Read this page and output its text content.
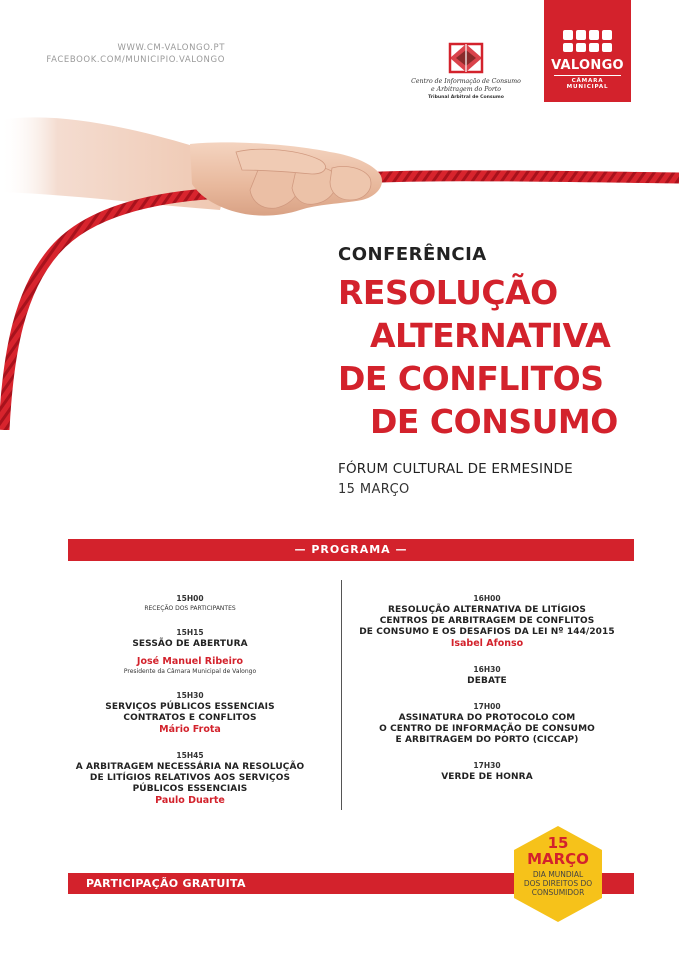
WWW.CM-VALONGO.PT
FACEBOOK.COM/MUNICIPIO.VALONGO
Centro de Informação de Consumo
e Arbitragem do Porto
Tribunal Arbitral de Consumo
VALONGO
CÂMARA MUNICIPAL
CONFERÊNCIA
RESOLUÇÃO
ALTERNATIVA
DE CONFLITOS
DE CONSUMO
FÓRUM CULTURAL DE ERMESINDE
15 MARÇO
— PROGRAMA —
15H00
RECEÇÃO DOS PARTICIPANTES
15H15
SESSÃO DE ABERTURA
José Manuel Ribeiro
Presidente da Câmara Municipal de Valongo
15H30
SERVIÇOS PÚBLICOS ESSENCIAIS
CONTRATOS E CONFLITOS
Mário Frota
15H45
A ARBITRAGEM NECESSÁRIA NA RESOLUÇÃO
DE LITÍGIOS RELATIVOS AOS SERVIÇOS
PÚBLICOS ESSENCIAIS
Paulo Duarte
16H00
RESOLUÇÃO ALTERNATIVA DE LITÍGIOS
CENTROS DE ARBITRAGEM DE CONFLITOS
DE CONSUMO E OS DESAFIOS DA LEI Nº 144/2015
Isabel Afonso
16H30
DEBATE
17H00
ASSINATURA DO PROTOCOLO COM
O CENTRO DE INFORMAÇÃO DE CONSUMO
E ARBITRAGEM DO PORTO (CICCAP)
17H30
VERDE DE HONRA
PARTICIPAÇÃO GRATUITA
15
MARÇO
DIA MUNDIAL
DOS DIREITOS DO
CONSUMIDOR
